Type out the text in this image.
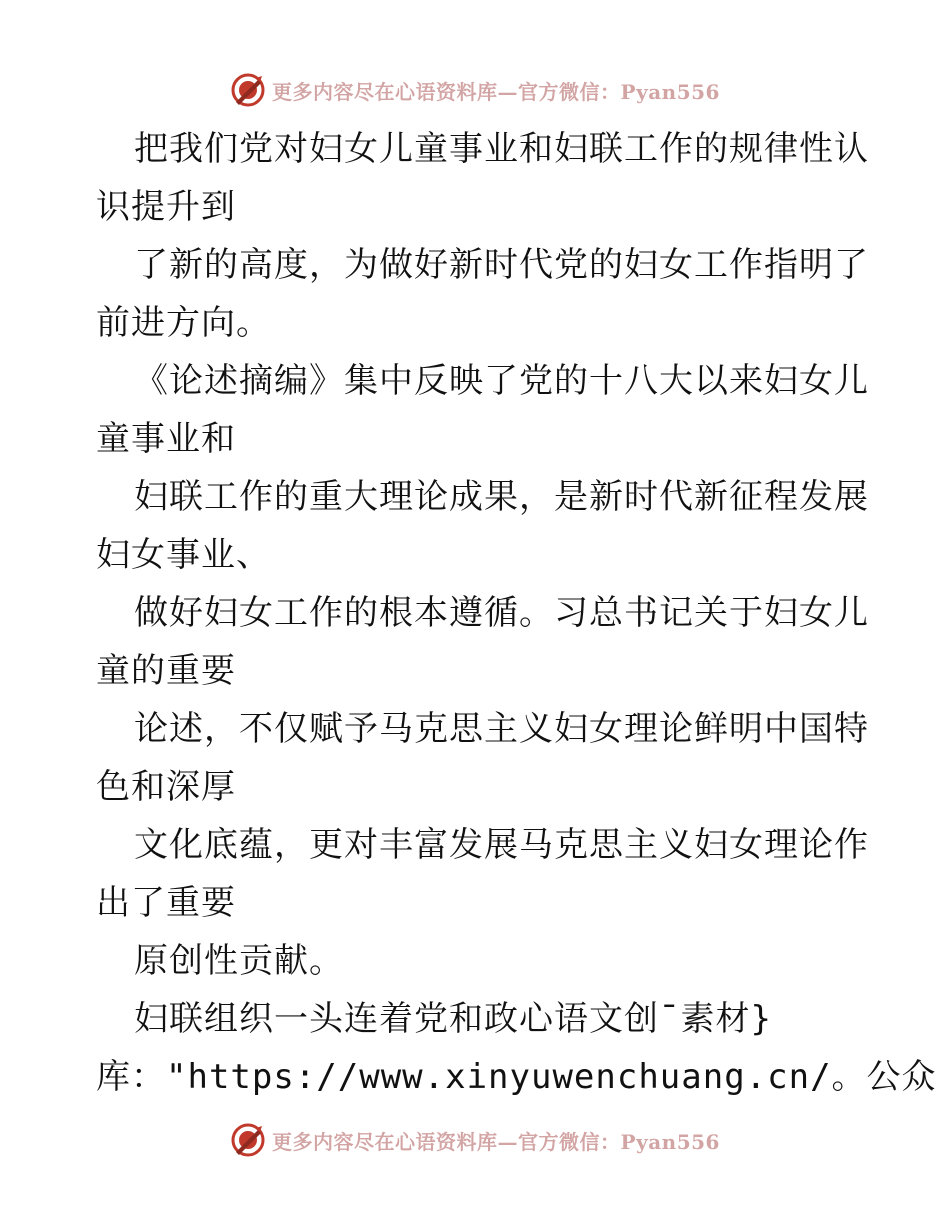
更多内容尽在心语资料库—官方微信：Pyan556
把我们党对妇女儿童事业和妇联工作的规律性认
识提升到
了新的高度，为做好新时代党的妇女工作指明了
前进方向。
《论述摘编》集中反映了党的十八大以来妇女儿
童事业和
妇联工作的重大理论成果，是新时代新征程发展
妇女事业、
做好妇女工作的根本遵循。习总书记关于妇女儿
童的重要
论述，不仅赋予马克思主义妇女理论鲜明中国特
色和深厚
文化底蕴，更对丰富发展马克思主义妇女理论作
出了重要
原创性贡献。
妇联组织一头连着党和政心语文创¯素材}
库："https://www.xinyuwenchuang.cn/。公众
更多内容尽在心语资料库—官方微信：Pyan556
